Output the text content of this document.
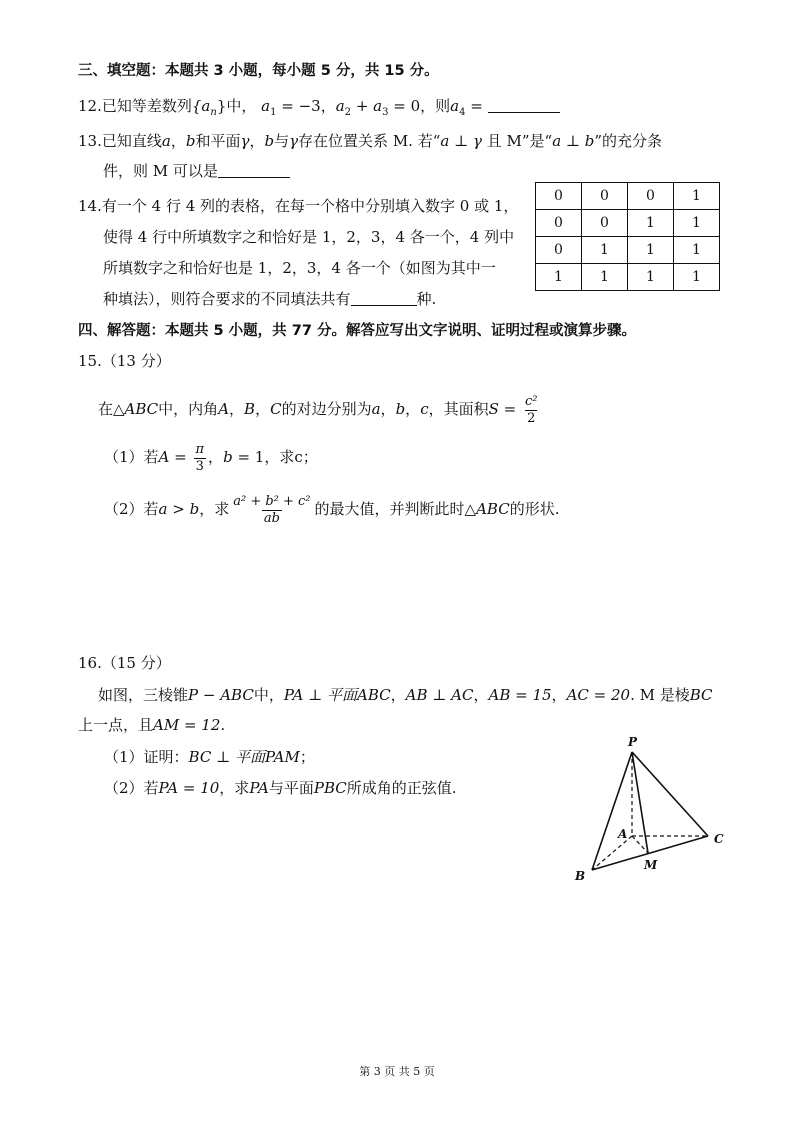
三、填空题：本题共 3 小题，每小题 5 分，共 15 分。
12.已知等差数列$\{a_n\}$中， $a_1 = -3$，$a_2 + a_3 = 0$，则$a_4$ =
13.已知直线a，b和平面γ，b与γ存在位置关系 M. 若“a ⊥ γ 且 M”是“a ⊥ b”的充分条
件，则 M 可以是
14.有一个 4 行 4 列的表格，在每一个格中分别填入数字 0 或 1，
使得 4 行中所填数字之和恰好是 1，2，3，4 各一个，4 列中
所填数字之和恰好也是 1，2，3，4 各一个（如图为其中一
种填法），则符合要求的不同填法共有	种.
0	0	0	1
0	0	1	1
0	1	1	1
1	1	1	1
四、解答题：本题共 5 小题，共 77 分。解答应写出文字说明、证明过程或演算步骤。
15.（13 分）
在△ABC中，内角A，B，C的对边分别为a，b，c，其面积$S = \frac{\text{c²}}{2}$
（1）若$A = \frac{\pi}{3}$ ，b = 1，求c；
（2）若a > b，求 $\frac{\text{a² + b² + c²}}{ab}$ 的最大值，并判断此时△ABC的形状.
16.（15 分）
如图，三棱锥P − ABC中，PA ⊥ 平面ABC，AB ⊥ AC，AB = 15，AC = 20. M 是棱BC
上一点，且AM = 12.
（1）证明：BC ⊥ 平面PAM；
（2）若PA = 10，求PA与平面PBC所成角的正弦值.
P
A
B
C
M
第 3 页 共 5 页
